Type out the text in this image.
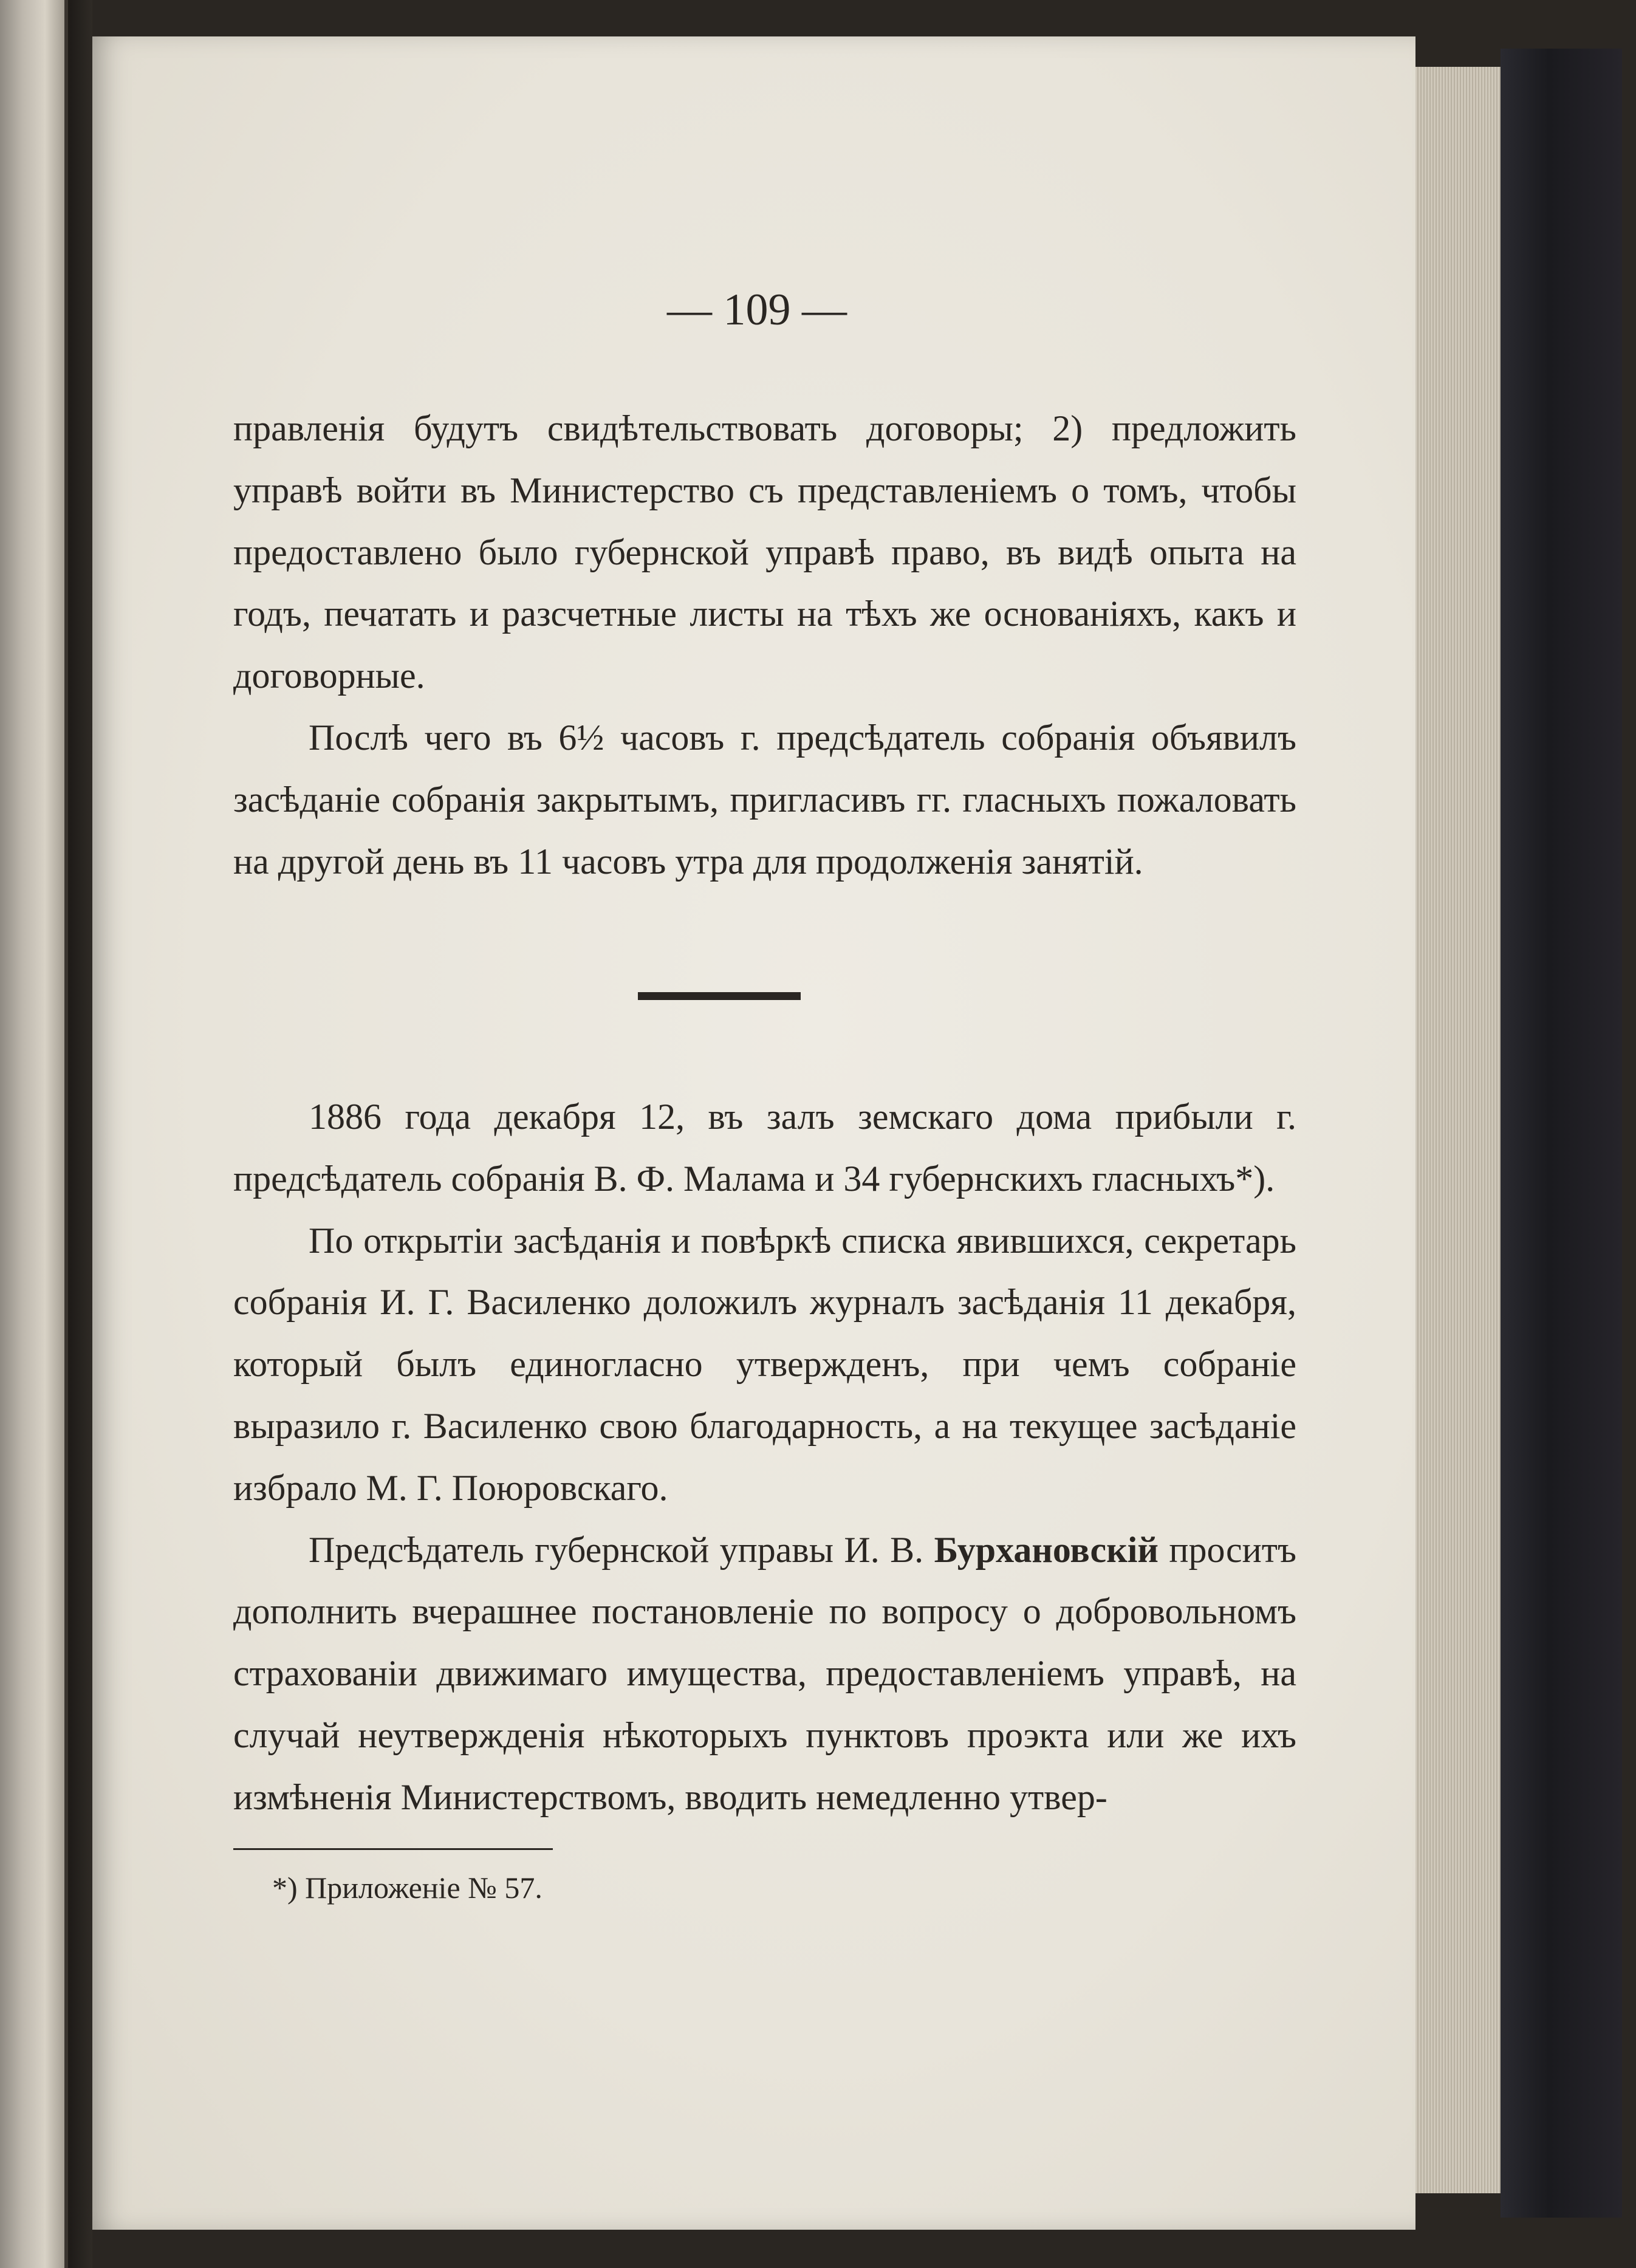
— 109 —

правленія будутъ свидѣтельствовать договоры; 2) предложить управѣ войти въ Министерство съ представленіемъ о томъ, чтобы предоставлено было губернской управѣ право, въ видѣ опыта на годъ, печатать и разсчетные листы на тѣхъ же основаніяхъ, какъ и договорные.

Послѣ чего въ 6½ часовъ г. предсѣдатель собранія объявилъ засѣданіе собранія закрытымъ, пригласивъ гг. гласныхъ пожаловать на другой день въ 11 часовъ утра для продолженія занятій.

1886 года декабря 12, въ залъ земскаго дома прибыли г. предсѣдатель собранія В. Ф. Малама и 34 губернскихъ гласныхъ*).

По открытіи засѣданія и повѣркѣ списка явившихся, секретарь собранія И. Г. Василенко доложилъ журналъ засѣданія 11 декабря, который былъ единогласно утвержденъ, при чемъ собраніе выразило г. Василенко свою благодарность, а на текущее засѣданіе избрало М. Г. Поюровскаго.

Предсѣдатель губернской управы И. В. Бурхановскій проситъ дополнить вчерашнее постановленіе по вопросу о добровольномъ страхованіи движимаго имущества, предоставленіемъ управѣ, на случай неутвержденія нѣкоторыхъ пунктовъ проэкта или же ихъ измѣненія Министерствомъ, вводить немедленно утвер-

*) Приложеніе № 57.
